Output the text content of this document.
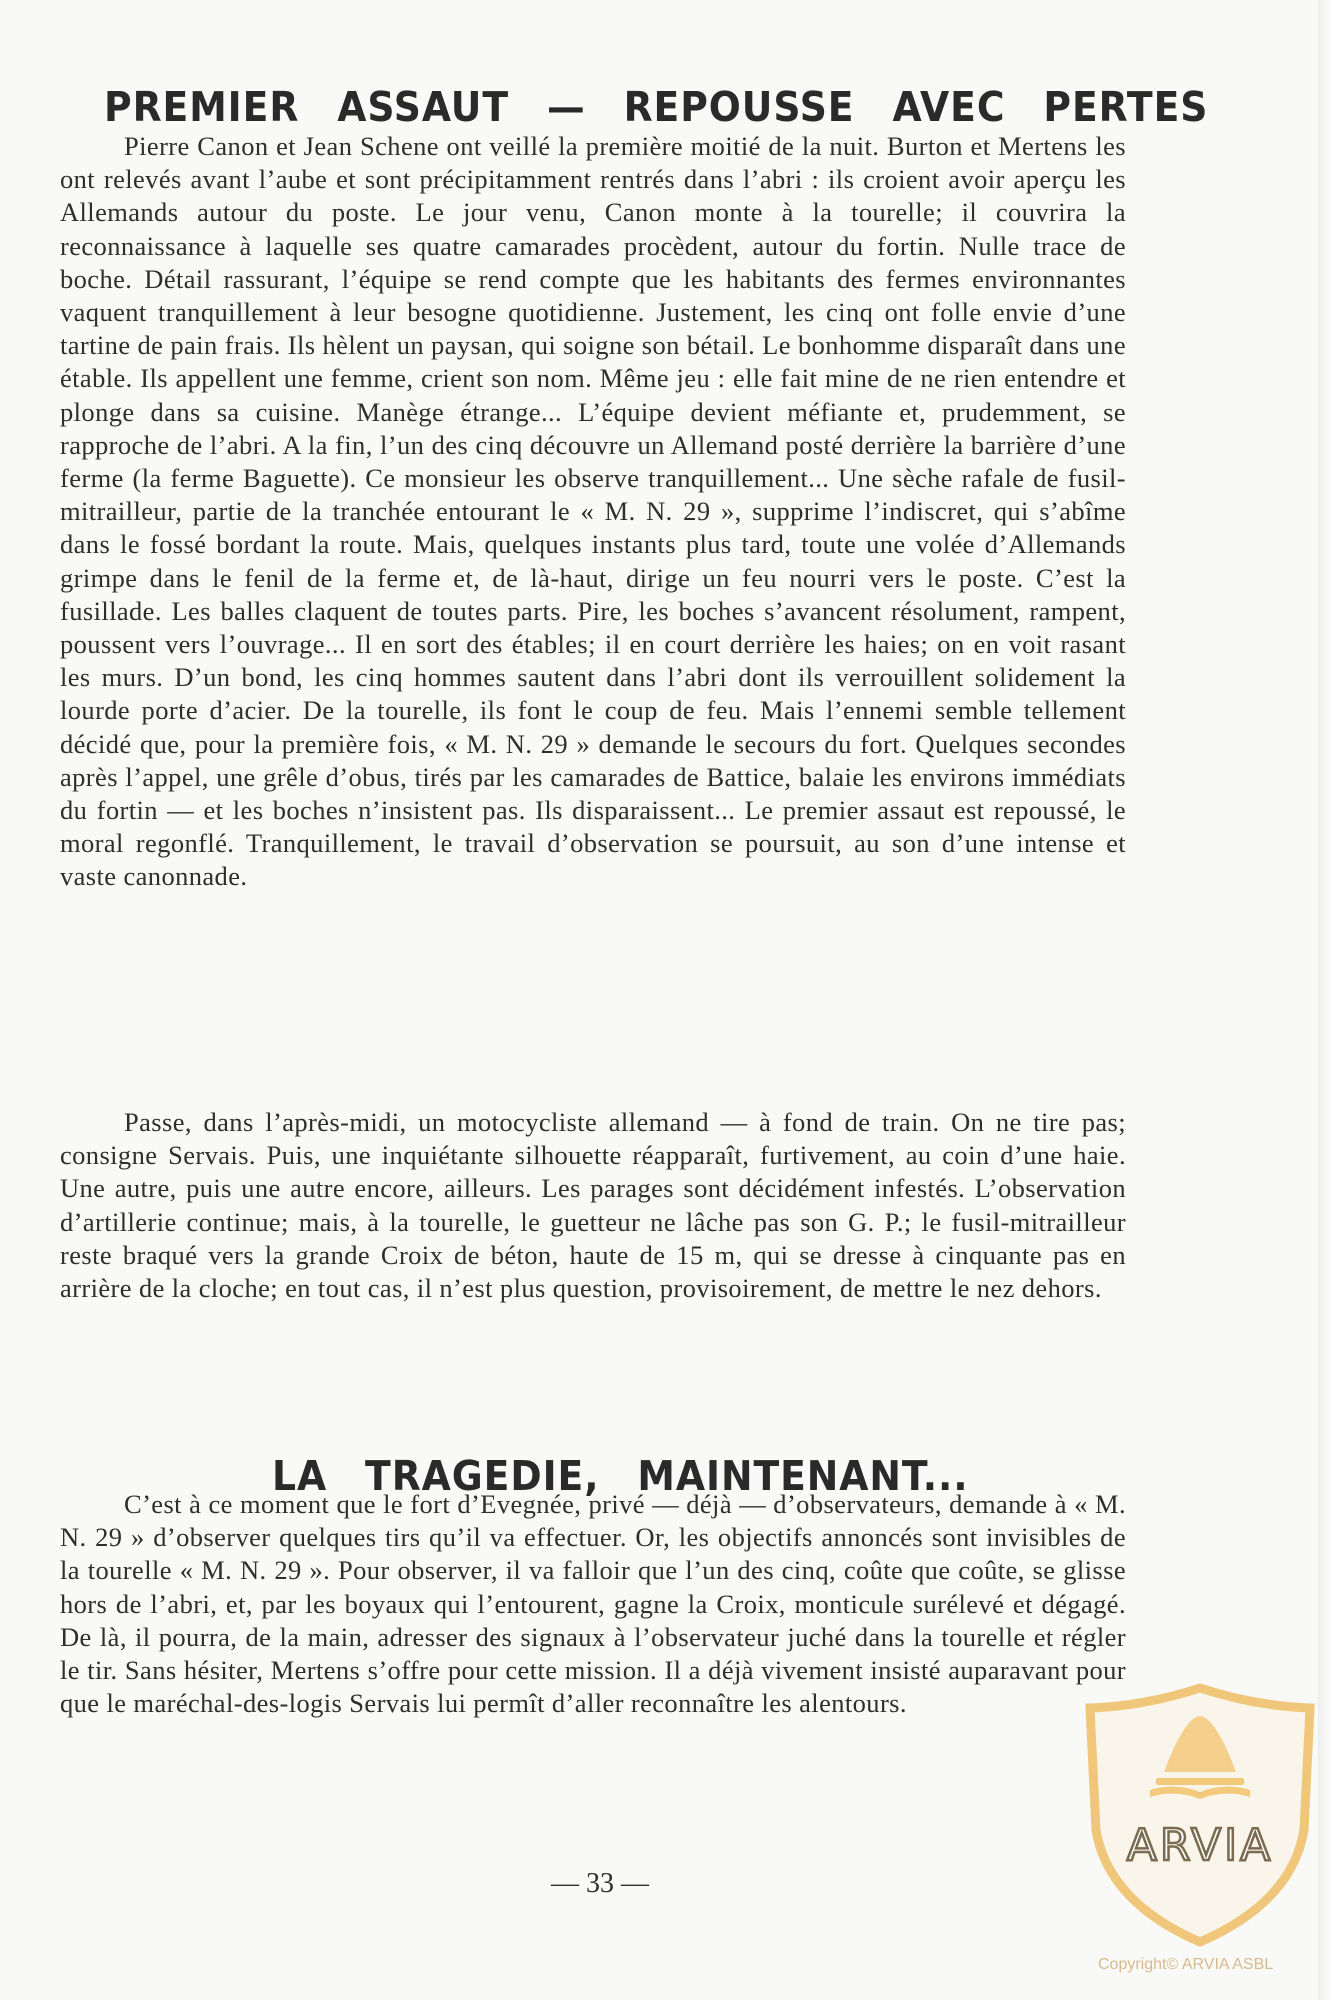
PREMIER ASSAUT — REPOUSSE AVEC PERTES

Pierre Canon et Jean Schene ont veillé la première moitié de la nuit. Burton et Mertens les ont relevés avant l’aube et sont précipitamment rentrés dans l’abri : ils croient avoir aperçu les Allemands autour du poste. Le jour venu, Canon monte à la tourelle; il couvrira la reconnaissance à laquelle ses quatre camarades procèdent, autour du fortin. Nulle trace de boche. Détail rassurant, l’équipe se rend compte que les habitants des fermes environnantes vaquent tranquillement à leur besogne quotidienne. Justement, les cinq ont folle envie d’une tartine de pain frais. Ils hèlent un paysan, qui soigne son bétail. Le bonhomme disparaît dans une étable. Ils appellent une femme, crient son nom. Même jeu : elle fait mine de ne rien entendre et plonge dans sa cuisine. Manège étrange... L’équipe devient méfiante et, prudemment, se rapproche de l’abri. A la fin, l’un des cinq découvre un Allemand posté derrière la barrière d’une ferme (la ferme Baguette). Ce monsieur les observe tranquillement... Une sèche rafale de fusil-mitrailleur, partie de la tranchée entourant le « M. N. 29 », supprime l’indiscret, qui s’abîme dans le fossé bordant la route. Mais, quelques instants plus tard, toute une volée d’Allemands grimpe dans le fenil de la ferme et, de là-haut, dirige un feu nourri vers le poste. C’est la fusillade. Les balles claquent de toutes parts. Pire, les boches s’avancent résolument, rampent, poussent vers l’ouvrage... Il en sort des étables; il en court derrière les haies; on en voit rasant les murs. D’un bond, les cinq hommes sautent dans l’abri dont ils verrouillent solidement la lourde porte d’acier. De la tourelle, ils font le coup de feu. Mais l’ennemi semble tellement décidé que, pour la première fois, « M. N. 29 » demande le secours du fort. Quelques secondes après l’appel, une grêle d’obus, tirés par les camarades de Battice, balaie les environs immédiats du fortin — et les boches n’insistent pas. Ils disparaissent... Le premier assaut est repoussé, le moral regonflé. Tranquillement, le travail d’observation se poursuit, au son d’une intense et vaste canonnade.

Passe, dans l’après-midi, un motocycliste allemand — à fond de train. On ne tire pas; consigne Servais. Puis, une inquiétante silhouette réapparaît, furtivement, au coin d’une haie. Une autre, puis une autre encore, ailleurs. Les parages sont décidément infestés. L’observation d’artillerie continue; mais, à la tourelle, le guetteur ne lâche pas son G. P.; le fusil-mitrailleur reste braqué vers la grande Croix de béton, haute de 15 m, qui se dresse à cinquante pas en arrière de la cloche; en tout cas, il n’est plus question, provisoirement, de mettre le nez dehors.

LA TRAGEDIE, MAINTENANT...

C’est à ce moment que le fort d’Evegnée, privé — déjà — d’observateurs, demande à « M. N. 29 » d’observer quelques tirs qu’il va effectuer. Or, les objectifs annoncés sont invisibles de la tourelle « M. N. 29 ». Pour observer, il va falloir que l’un des cinq, coûte que coûte, se glisse hors de l’abri, et, par les boyaux qui l’entourent, gagne la Croix, monticule surélevé et dégagé. De là, il pourra, de la main, adresser des signaux à l’observateur juché dans la tourelle et régler le tir. Sans hésiter, Mertens s’offre pour cette mission. Il a déjà vivement insisté auparavant pour que le maréchal-des-logis Servais lui permît d’aller reconnaître les alentours.

— 33 —
ARVIA
Copyright© ARVIA ASBL
